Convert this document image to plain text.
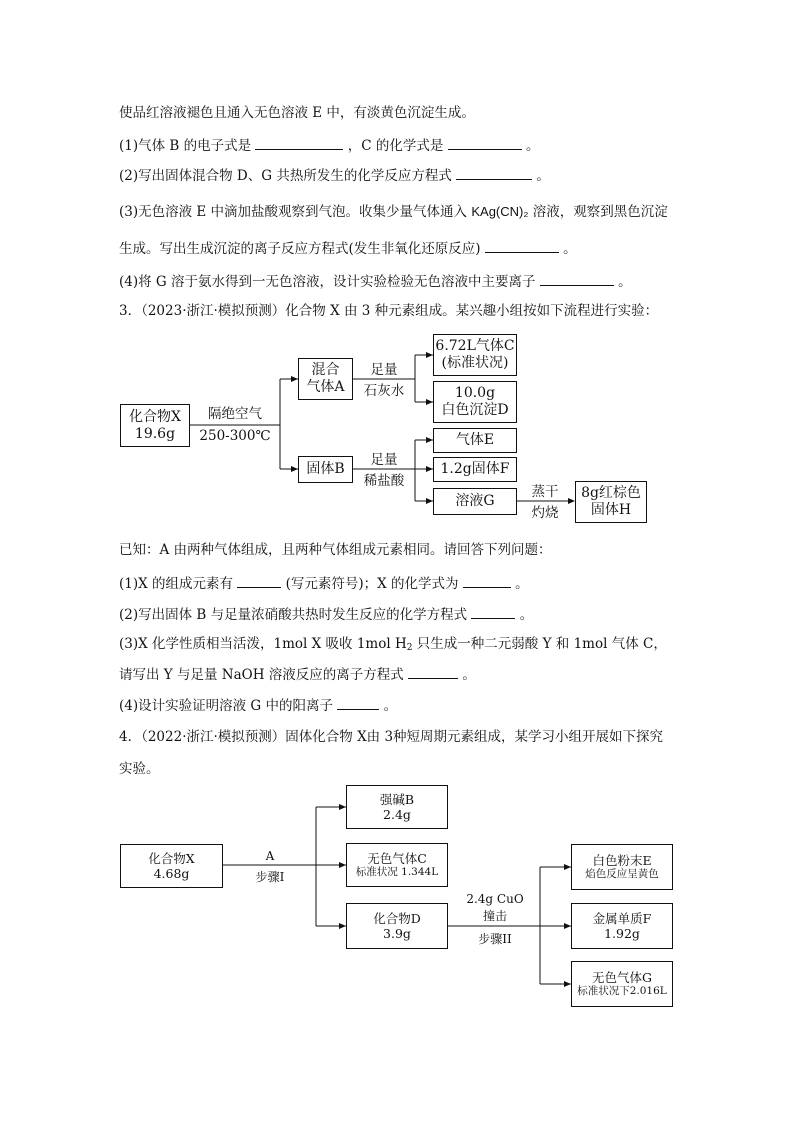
使品红溶液褪色且通入无色溶液 E 中，有淡黄色沉淀生成。
(1)气体 B 的电子式是	，C 的化学式是	。
(2)写出固体混合物 D、G 共热所发生的化学反应方程式	。
(3)无色溶液 E 中滴加盐酸观察到气泡。收集少量气体通入 KAg(CN)₂ 溶液，观察到黑色沉淀
生成。写出生成沉淀的离子反应方程式(发生非氧化还原反应)	。
(4)将 G 溶于氨水得到一无色溶液，设计实验检验无色溶液中主要离子	。
3．（2023·浙江·模拟预测）化合物 X 由 3 种元素组成。某兴趣小组按如下流程进行实验：
化合物X
19.6g
隔绝空气
250-300℃
混合
气体A
足量
石灰水
6.72L气体C
(标准状况)
10.0g
白色沉淀D
固体B
足量
稀盐酸
气体E
1.2g固体F
溶液G
蒸干
灼烧
8g红棕色
固体H
已知：A 由两种气体组成，且两种气体组成元素相同。请回答下列问题：
(1)X 的组成元素有	(写元素符号)；X 的化学式为	。
(2)写出固体 B 与足量浓硝酸共热时发生反应的化学方程式	。
(3)X 化学性质相当活泼，1mol X 吸收 1mol $H_2$ 只生成一种二元弱酸 Y 和 1mol 气体 C，
请写出 Y 与足量 NaOH 溶液反应的离子方程式	。
(4)设计实验证明溶液 G 中的阳离子	。
4．（2022·浙江·模拟预测）固体化合物 X由 3种短周期元素组成，某学习小组开展如下探究
实验。
化合物X
4.68g
A
步骤I
强碱B
2.4g
无色气体C
标准状况 1.344L
化合物D
3.9g
2.4g CuO
撞击
步骤II
白色粉末E
焰色反应呈黄色
金属单质F
1.92g
无色气体G
标准状况下2.016L
